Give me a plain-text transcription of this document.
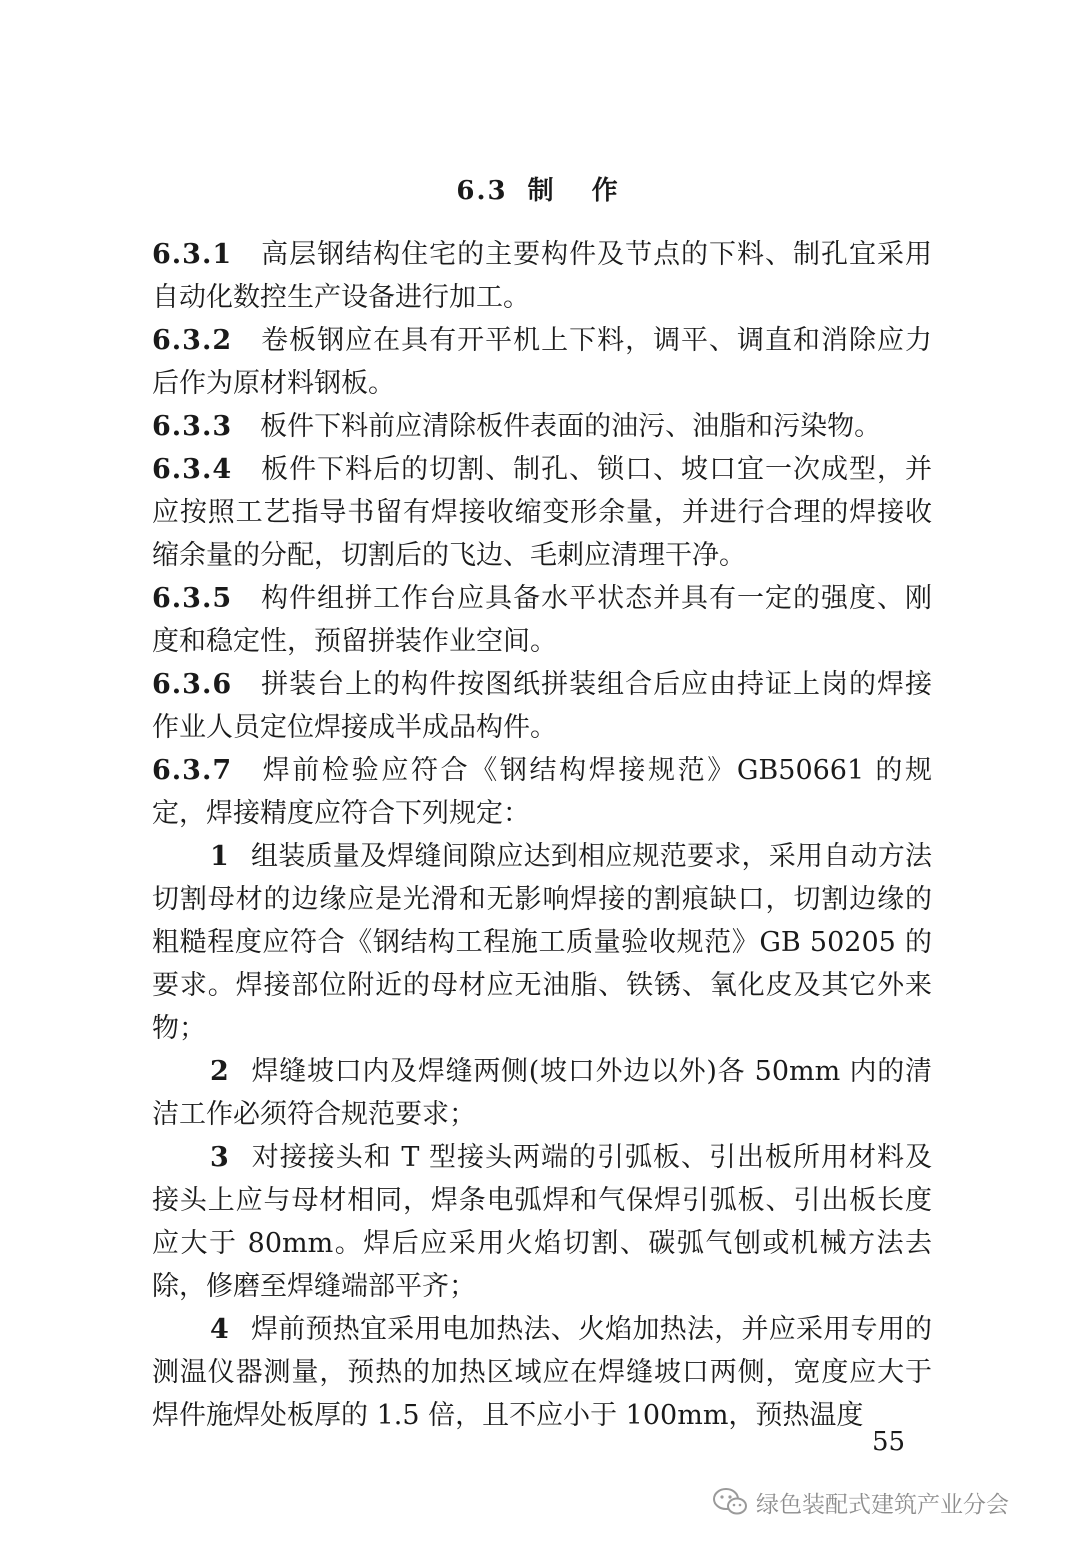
6.3 制　作

6.3.1 高层钢结构住宅的主要构件及节点的下料、制孔宜采用自动化数控生产设备进行加工。

6.3.2 卷板钢应在具有开平机上下料，调平、调直和消除应力后作为原材料钢板。

6.3.3 板件下料前应清除板件表面的油污、油脂和污染物。

6.3.4 板件下料后的切割、制孔、锁口、坡口宜一次成型，并应按照工艺指导书留有焊接收缩变形余量，并进行合理的焊接收缩余量的分配，切割后的飞边、毛刺应清理干净。

6.3.5 构件组拼工作台应具备水平状态并具有一定的强度、刚度和稳定性，预留拼装作业空间。

6.3.6 拼装台上的构件按图纸拼装组合后应由持证上岗的焊接作业人员定位焊接成半成品构件。

6.3.7 焊前检验应符合《钢结构焊接规范》GB50661 的规定，焊接精度应符合下列规定：

1 组装质量及焊缝间隙应达到相应规范要求，采用自动方法切割母材的边缘应是光滑和无影响焊接的割痕缺口，切割边缘的粗糙程度应符合《钢结构工程施工质量验收规范》GB 50205 的要求。焊接部位附近的母材应无油脂、铁锈、氧化皮及其它外来物；

2 焊缝坡口内及焊缝两侧(坡口外边以外)各 50mm 内的清洁工作必须符合规范要求；

3 对接接头和 T 型接头两端的引弧板、引出板所用材料及接头上应与母材相同，焊条电弧焊和气保焊引弧板、引出板长度应大于 80mm。焊后应采用火焰切割、碳弧气刨或机械方法去除，修磨至焊缝端部平齐；

4 焊前预热宜采用电加热法、火焰加热法，并应采用专用的测温仪器测量，预热的加热区域应在焊缝坡口两侧，宽度应大于焊件施焊处板厚的 1.5 倍，且不应小于 100mm，预热温度

55
绿色装配式建筑产业分会
